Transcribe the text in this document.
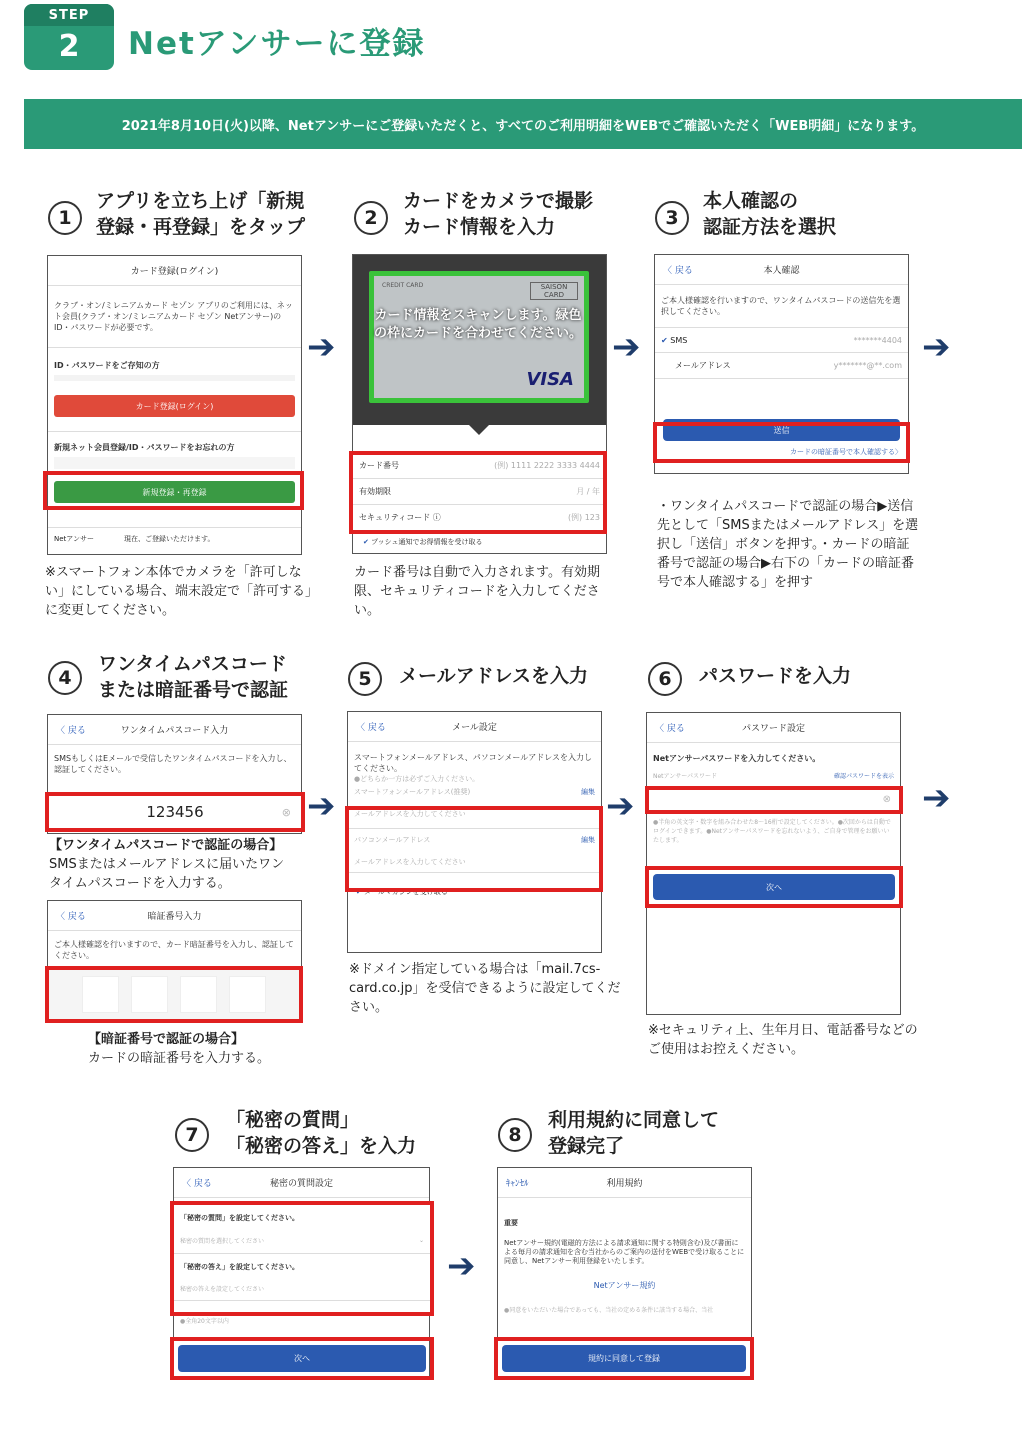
STEP
2	Netアンサーに登録
2021年8月10日(火)以降、Netアンサーにご登録いただくと、すべてのご利用明細をWEBでご確認いただく「WEB明細」になります。
1
アプリを立ち上げ「新規
登録・再登録」をタップ
カード登録(ログイン)
クラブ・オン/ミレニアムカード セゾン アプリのご利用には、ネット会員(クラブ・オン/ミレニアムカード セゾン Netアンサー)のID・パスワードが必要です。
ID・パスワードをご存知の方
カード登録(ログイン)
新規ネット会員登録/ID・パスワードをお忘れの方
新規登録・再登録
Netアンサー	現在、ご登録いただけます。
※スマートフォン本体でカメラを「許可しない」にしている場合、端末設定で「許可する」に変更してください。
➔
2
カードをカメラで撮影
カード情報を入力
CREDIT CARD	SAISON CARD
VISA
カード情報をスキャンします。緑色の枠にカードを合わせてください。
カード番号	(例) 1111 2222 3333 4444
有効期限	月 / 年
セキュリティコード ⓘ	(例) 123
✔ プッシュ通知でお得情報を受け取る
カード番号は自動で入力されます。有効期限、セキュリティコードを入力してください。
➔
3
本人確認の
認証方法を選択
〈 戻る	本人確認
ご本人様確認を行いますので、ワンタイムパスコードの送信先を選択してください。
✔ SMS	*******4404
メールアドレス	y*******@**.com
送信
カードの暗証番号で本人確認する〉
・ワンタイムパスコードで認証の場合▶送信先として「SMSまたはメールアドレス」を選択し「送信」ボタンを押す。・カードの暗証番号で認証の場合▶右下の「カードの暗証番号で本人確認する」を押す
➔
4
ワンタイムパスコード
または暗証番号で認証
〈 戻る	ワンタイムパスコード入力
SMSもしくはEメールで受信したワンタイムパスコードを入力し、認証してください。
123456	⊗
【ワンタイムパスコードで認証の場合】
SMSまたはメールアドレスに届いたワンタイムパスコードを入力する。
〈 戻る	暗証番号入力
ご本人様確認を行いますので、カード暗証番号を入力し、認証してください。
【暗証番号で認証の場合】
カードの暗証番号を入力する。
➔
5	メールアドレスを入力
〈 戻る	メール設定
スマートフォンメールアドレス、パソコンメールアドレスを入力してください。
●どちらか一方は必ずご入力ください。
スマートフォンメールアドレス(推奨)	編集
メールアドレスを入力してください
パソコンメールアドレス	編集
メールアドレスを入力してください
✔ メールマガジンを受け取る
※ドメイン指定している場合は「mail.7cs-card.co.jp」を受信できるように設定してください。
➔
6	パスワードを入力
〈 戻る	パスワード設定
Netアンサーパスワードを入力してください。
Netアンサーパスワード	確認パスワードを表示
●半角の英文字・数字を組み合わせた8〜16桁で設定してください。●次回からは自動でログインできます。●Netアンサーパスワードを忘れないよう、ご自身で管理をお願いいたします。
⊗
次へ
※セキュリティ上、生年月日、電話番号などのご使用はお控えください。
➔
7
「秘密の質問」
「秘密の答え」を入力
〈 戻る	秘密の質問設定
●全角20文字以内
「秘密の質問」を設定してください。
秘密の質問を選択してください	⌄
「秘密の答え」を設定してください。
秘密の答えを設定してください
次へ
➔
8
利用規約に同意して
登録完了
ｷｬﾝｾﾙ	利用規約
重要
Netアンサー規約(電磁的方法による請求通知に関する特則含む)及び書面による毎月の請求通知を含む当社からのご案内の送付をWEBで受け取ることに同意し、Netアンサー利用登録をいたします。
Netアンサー規約
●同意をいただいた場合であっても、当社の定める条件に該当する場合、当社
規約に同意して登録
